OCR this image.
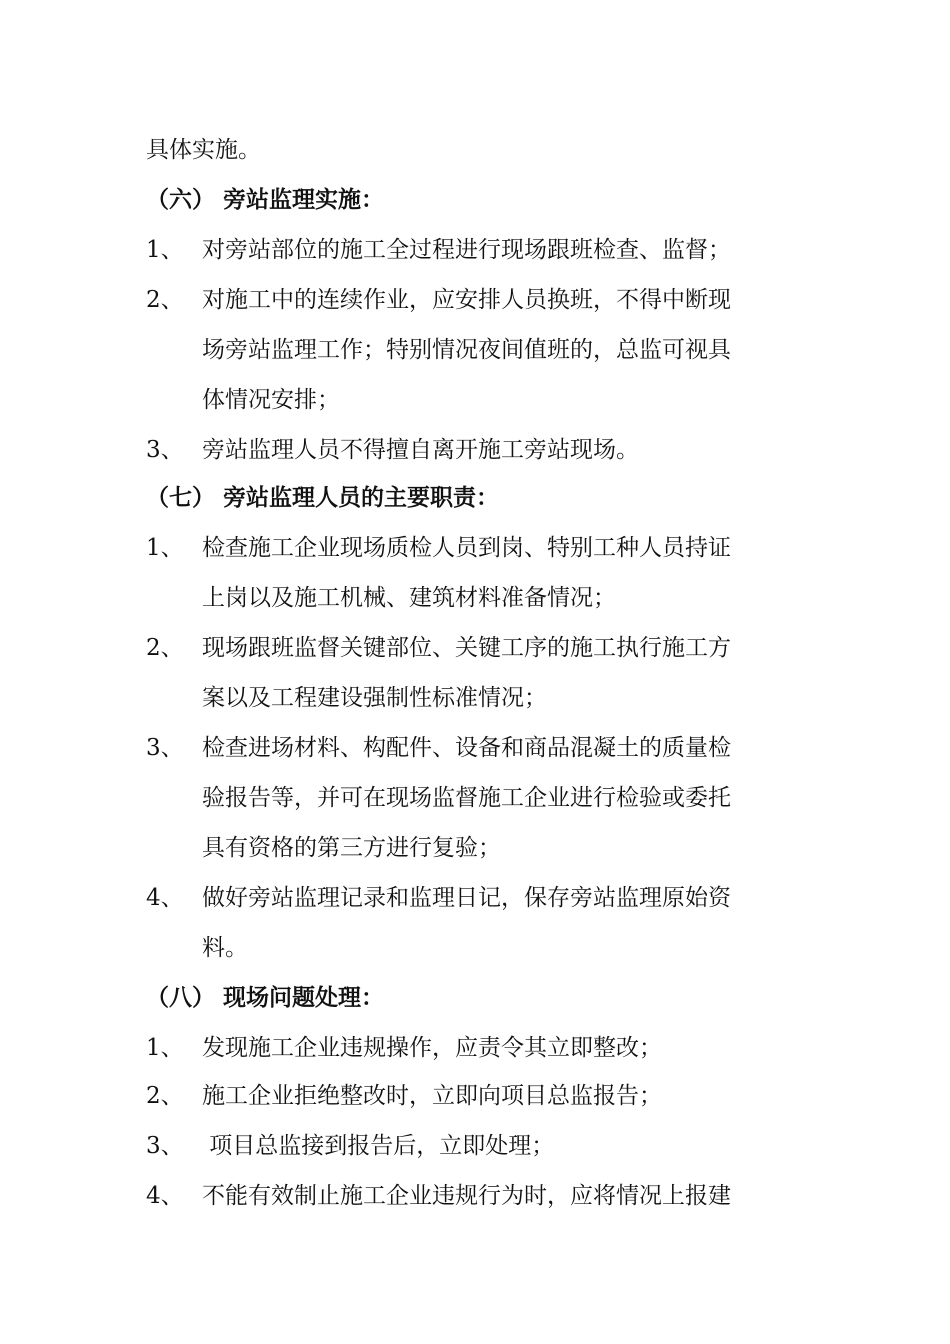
具体实施。
（六） 旁站监理实施：
1、 对旁站部位的施工全过程进行现场跟班检查、监督；
2、 对施工中的连续作业，应安排人员换班，不得中断现
场旁站监理工作；特别情况夜间值班的，总监可视具
体情况安排；
3、 旁站监理人员不得擅自离开施工旁站现场。
（七） 旁站监理人员的主要职责：
1、 检查施工企业现场质检人员到岗、特别工种人员持证
上岗以及施工机械、建筑材料准备情况；
2、 现场跟班监督关键部位、关键工序的施工执行施工方
案以及工程建设强制性标准情况；
3、 检查进场材料、构配件、设备和商品混凝土的质量检
验报告等，并可在现场监督施工企业进行检验或委托
具有资格的第三方进行复验；
4、 做好旁站监理记录和监理日记，保存旁站监理原始资
料。
（八） 现场问题处理：
1、 发现施工企业违规操作，应责令其立即整改；
2、 施工企业拒绝整改时，立即向项目总监报告；
3、 项目总监接到报告后，立即处理；
4、 不能有效制止施工企业违规行为时，应将情况上报建
